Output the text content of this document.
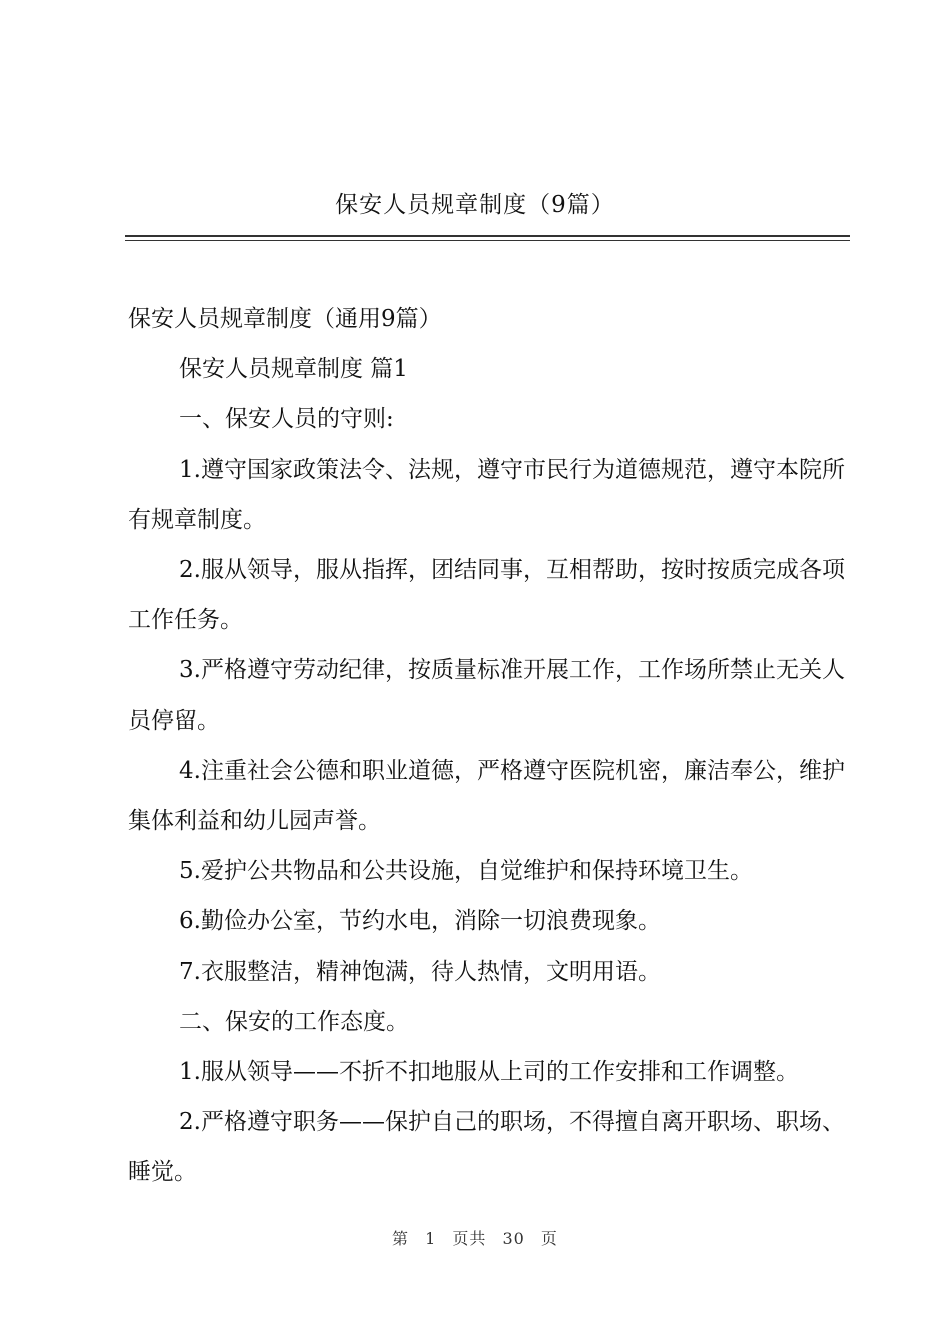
保安人员规章制度（9篇）

保安人员规章制度（通用9篇）

保安人员规章制度 篇1

一、保安人员的守则:

1.遵守国家政策法令、法规，遵守市民行为道德规范，遵守本院所有规章制度。

2.服从领导，服从指挥，团结同事，互相帮助，按时按质完成各项工作任务。

3.严格遵守劳动纪律，按质量标准开展工作，工作场所禁止无关人员停留。

4.注重社会公德和职业道德，严格遵守医院机密，廉洁奉公，维护集体利益和幼儿园声誉。

5.爱护公共物品和公共设施，自觉维护和保持环境卫生。

6.勤俭办公室，节约水电，消除一切浪费现象。

7.衣服整洁，精神饱满，待人热情，文明用语。

二、保安的工作态度。

1.服从领导——不折不扣地服从上司的工作安排和工作调整。

2.严格遵守职务——保护自己的职场，不得擅自离开职场、职场、睡觉。

第 1 页共 30 页
